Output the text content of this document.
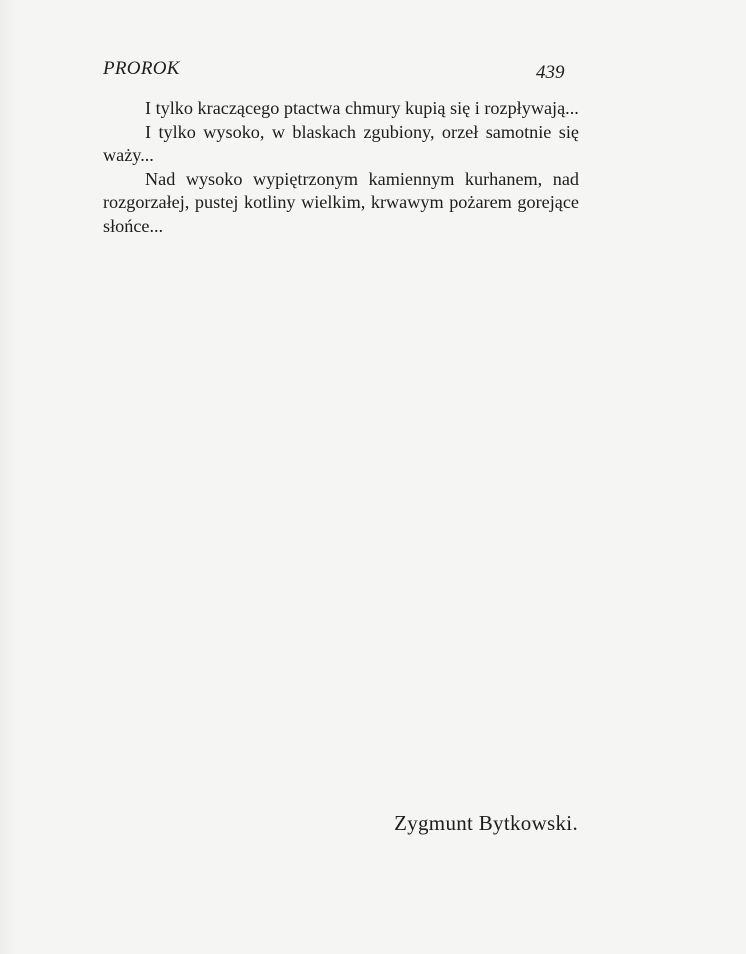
PROROK	439

I tylko kraczącego ptactwa chmury kupią się i rozpływają...

I tylko wysoko, w blaskach zgubiony, orzeł samotnie się waży...

Nad wysoko wypiętrzonym kamiennym kurhanem, nad rozgorzałej, pustej kotliny wielkim, krwawym pożarem gorejące słońce...

Zygmunt Bytkowski.
